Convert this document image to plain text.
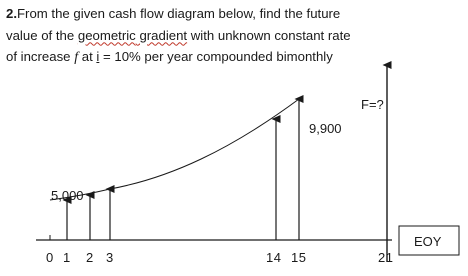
2.From the given cash flow diagram below, find the future
value of the geometric gradient with unknown constant rate
of increase f at i = 10% per year compounded bimonthly
5,000
9,900
F=?
EOY
0 1 2 3	14 15	21
